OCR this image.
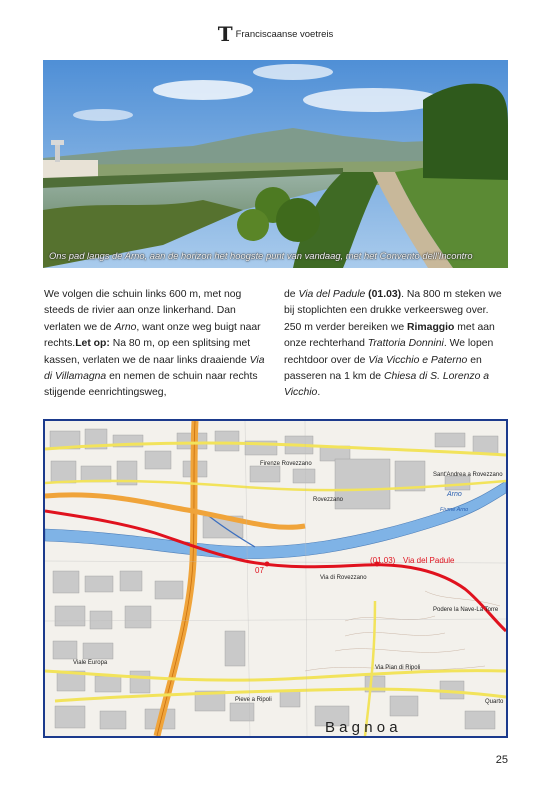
T Franciscaanse voetreis
Ons pad langs de Arno, aan de horizon het hoogste punt van vandaag, met het Convento dell'Incontro

We volgen die schuin links 600 m, met nog steeds de rivier aan onze linkerhand. Dan verlaten we de Arno, want onze weg buigt naar rechts.Let op: Na 80 m, op een splitsing met kassen, verlaten we de naar links draaiende Via di Villamagna en nemen de schuin naar rechts stijgende eenrichtingsweg,

de Via del Padule (01.03). Na 800 m steken we bij stoplichten een drukke verkeersweg over. 250 m verder bereiken we Rimaggio met aan onze rechterhand Trattoria Donnini. We lopen rechtdoor over de Via Vicchio e Paterno en passeren na 1 km de Chiesa di S. Lorenzo a Vicchio.

Firenze Rovezzano
Sant'Andrea a Rovezzano
Rovezzano
Via di Rovezzano
Podere la Nave-La Torre
Viale Europa
Via Pian di Ripoli
Pieve a Ripoli	Quarto
Arno
Fiume Arno
07
(01.03) Via del Padule
B a g n o a
25
